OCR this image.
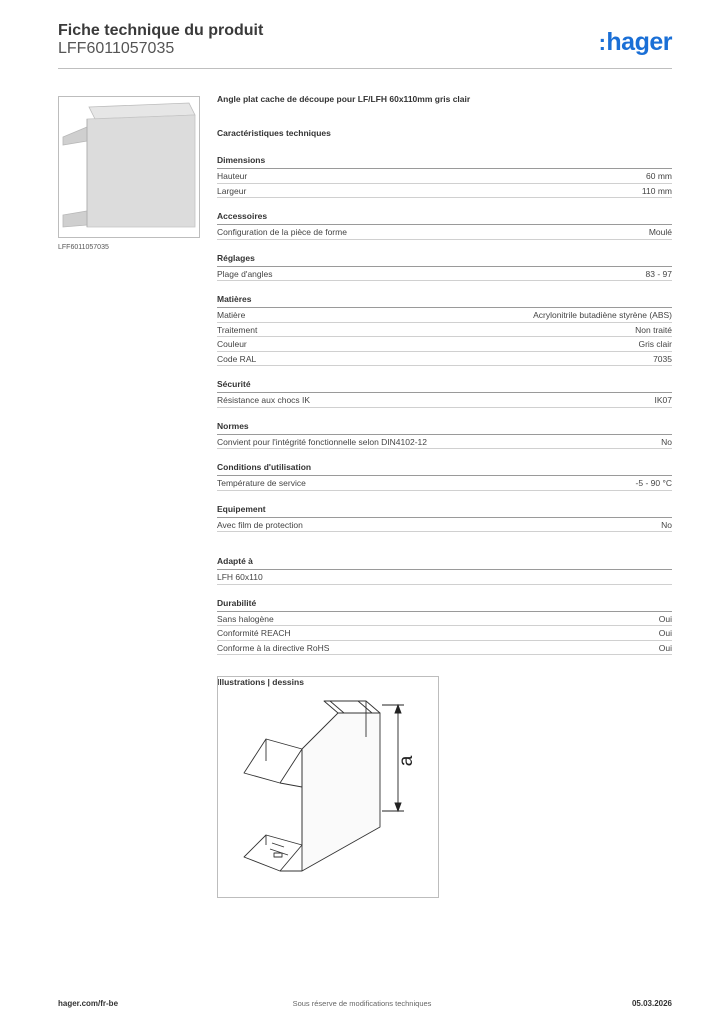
Fiche technique du produit
LFF6011057035	:hager
LFF6011057035
Angle plat cache de découpe pour LF/LFH 60x110mm gris clair
Caractéristiques techniques
Dimensions
Hauteur	60 mm
Largeur	110 mm
Accessoires
Configuration de la pièce de forme	Moulé
Réglages
Plage d'angles	83 - 97
Matières
Matière	Acrylonitrile butadiène styrène (ABS)
Traitement	Non traité
Couleur	Gris clair
Code RAL	7035
Sécurité
Résistance aux chocs IK	IK07
Normes
Convient pour l'intégrité fonctionnelle selon DIN4102-12	No
Conditions d'utilisation
Température de service	-5 - 90 °C
Equipement
Avec film de protection	No
Adapté à
LFH 60x110
Durabilité
Sans halogène	Oui
Conformité REACH	Oui
Conforme à la directive RoHS	Oui
Illustrations | dessins
a
hager.com/fr-be	Sous réserve de modifications techniques	05.03.2026
